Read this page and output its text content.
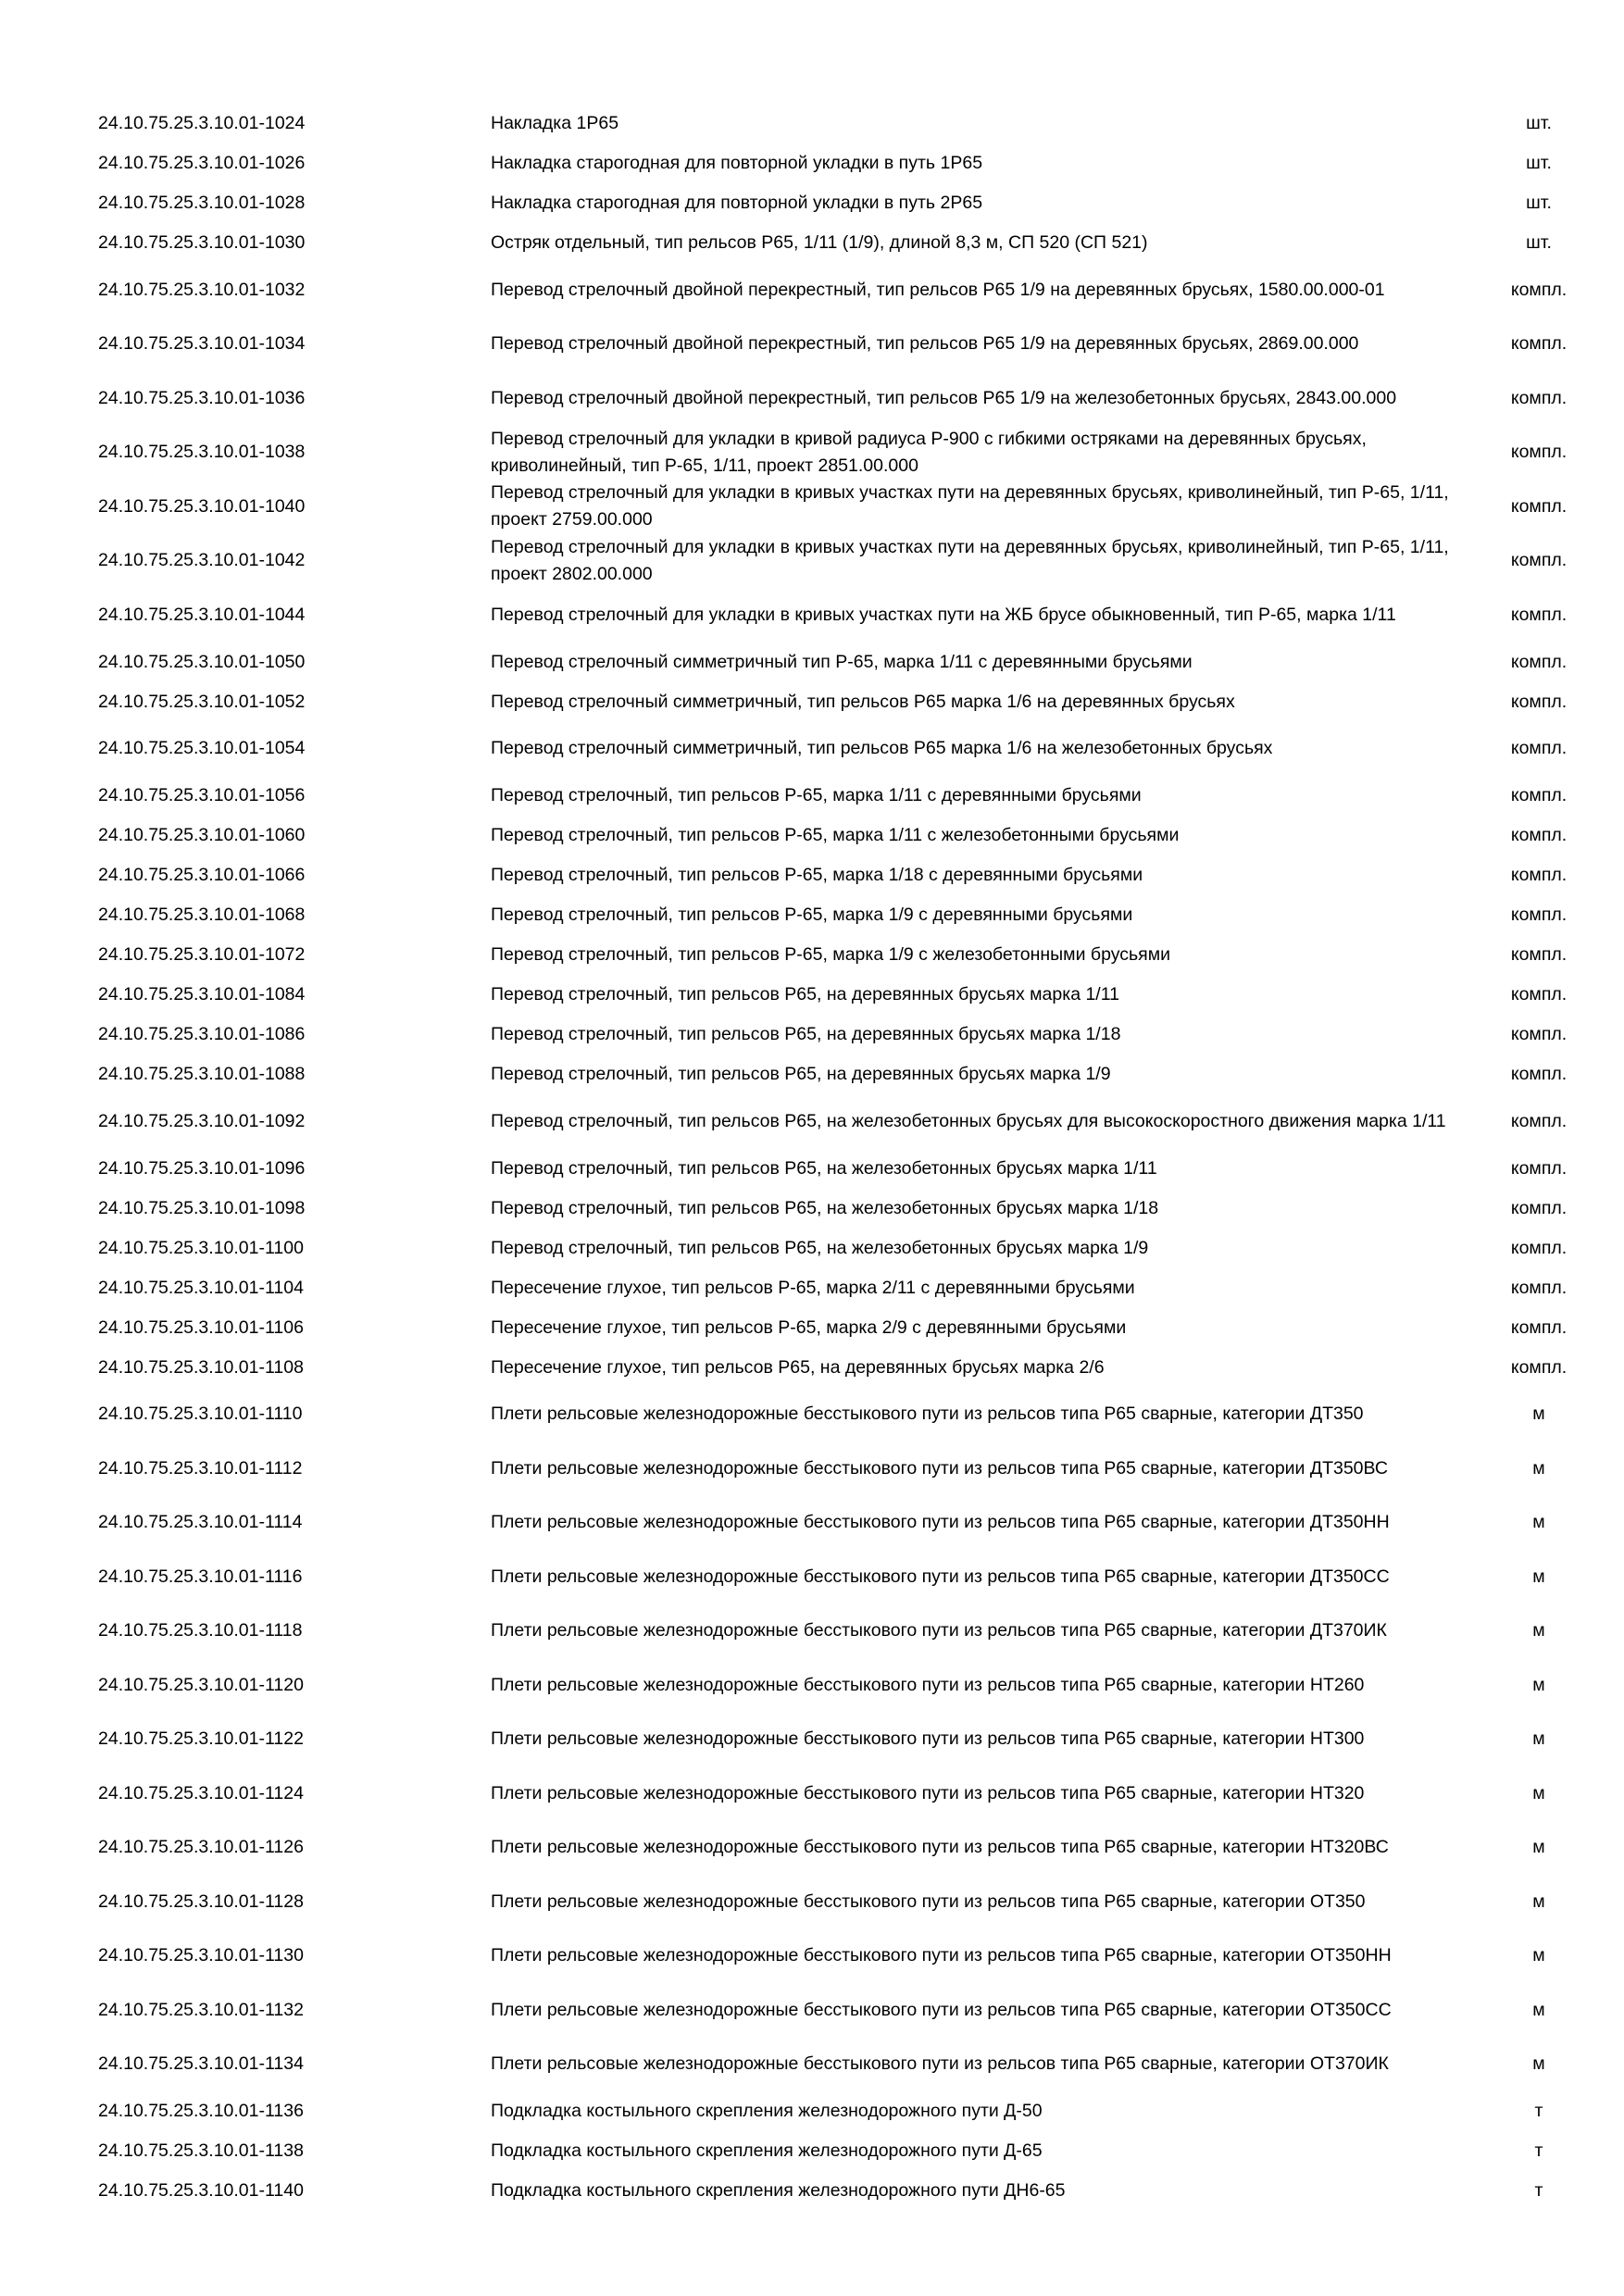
	24.10.75.25.3.10.01-1024	Накладка 1Р65	шт.
	24.10.75.25.3.10.01-1026	Накладка старогодная для повторной укладки в путь 1Р65	шт.
	24.10.75.25.3.10.01-1028	Накладка старогодная для повторной укладки в путь 2Р65	шт.
	24.10.75.25.3.10.01-1030	Остряк отдельный, тип рельсов Р65, 1/11 (1/9), длиной 8,3 м, СП 520 (СП 521)	шт.
	24.10.75.25.3.10.01-1032	Перевод стрелочный двойной перекрестный, тип рельсов Р65 1/9 на деревянных брусьях, 1580.00.000-01	компл.
	24.10.75.25.3.10.01-1034	Перевод стрелочный двойной перекрестный, тип рельсов Р65 1/9 на деревянных брусьях, 2869.00.000	компл.
	24.10.75.25.3.10.01-1036	Перевод стрелочный двойной перекрестный, тип рельсов Р65 1/9 на железобетонных брусьях, 2843.00.000	компл.
	24.10.75.25.3.10.01-1038	Перевод стрелочный для укладки в кривой радиуса Р-900 с гибкими остряками на деревянных брусьях, криволинейный, тип Р-65, 1/11, проект 2851.00.000	компл.
	24.10.75.25.3.10.01-1040	Перевод стрелочный для укладки в кривых участках пути на деревянных брусьях, криволинейный, тип Р-65, 1/11, проект 2759.00.000	компл.
	24.10.75.25.3.10.01-1042	Перевод стрелочный для укладки в кривых участках пути на деревянных брусьях, криволинейный, тип Р-65, 1/11, проект 2802.00.000	компл.
	24.10.75.25.3.10.01-1044	Перевод стрелочный для укладки в кривых участках пути на ЖБ брусе обыкновенный, тип Р-65, марка 1/11	компл.
	24.10.75.25.3.10.01-1050	Перевод стрелочный симметричный тип Р-65, марка 1/11 с деревянными брусьями	компл.
	24.10.75.25.3.10.01-1052	Перевод стрелочный симметричный, тип рельсов Р65 марка 1/6 на деревянных брусьях	компл.
	24.10.75.25.3.10.01-1054	Перевод стрелочный симметричный, тип рельсов Р65 марка 1/6 на железобетонных брусьях	компл.
	24.10.75.25.3.10.01-1056	Перевод стрелочный, тип рельсов Р-65, марка 1/11 с деревянными брусьями	компл.
	24.10.75.25.3.10.01-1060	Перевод стрелочный, тип рельсов Р-65, марка 1/11 с железобетонными брусьями	компл.
	24.10.75.25.3.10.01-1066	Перевод стрелочный, тип рельсов Р-65, марка 1/18 с деревянными брусьями	компл.
	24.10.75.25.3.10.01-1068	Перевод стрелочный, тип рельсов Р-65, марка 1/9 с деревянными брусьями	компл.
	24.10.75.25.3.10.01-1072	Перевод стрелочный, тип рельсов Р-65, марка 1/9 с железобетонными брусьями	компл.
	24.10.75.25.3.10.01-1084	Перевод стрелочный, тип рельсов Р65, на деревянных брусьях марка 1/11	компл.
	24.10.75.25.3.10.01-1086	Перевод стрелочный, тип рельсов Р65, на деревянных брусьях марка 1/18	компл.
	24.10.75.25.3.10.01-1088	Перевод стрелочный, тип рельсов Р65, на деревянных брусьях марка 1/9	компл.
	24.10.75.25.3.10.01-1092	Перевод стрелочный, тип рельсов Р65, на железобетонных брусьях для высокоскоростного движения марка 1/11	компл.
	24.10.75.25.3.10.01-1096	Перевод стрелочный, тип рельсов Р65, на железобетонных брусьях марка 1/11	компл.
	24.10.75.25.3.10.01-1098	Перевод стрелочный, тип рельсов Р65, на железобетонных брусьях марка 1/18	компл.
	24.10.75.25.3.10.01-1100	Перевод стрелочный, тип рельсов Р65, на железобетонных брусьях марка 1/9	компл.
	24.10.75.25.3.10.01-1104	Пересечение глухое, тип рельсов Р-65, марка 2/11 с деревянными брусьями	компл.
	24.10.75.25.3.10.01-1106	Пересечение глухое, тип рельсов Р-65, марка 2/9 с деревянными брусьями	компл.
	24.10.75.25.3.10.01-1108	Пересечение глухое, тип рельсов Р65, на деревянных брусьях марка 2/6	компл.
	24.10.75.25.3.10.01-1110	Плети рельсовые железнодорожные бесстыкового пути из рельсов типа Р65 сварные, категории ДТ350	м
	24.10.75.25.3.10.01-1112	Плети рельсовые железнодорожные бесстыкового пути из рельсов типа Р65 сварные, категории ДТ350ВС	м
	24.10.75.25.3.10.01-1114	Плети рельсовые железнодорожные бесстыкового пути из рельсов типа Р65 сварные, категории ДТ350НН	м
	24.10.75.25.3.10.01-1116	Плети рельсовые железнодорожные бесстыкового пути из рельсов типа Р65 сварные, категории ДТ350СС	м
	24.10.75.25.3.10.01-1118	Плети рельсовые железнодорожные бесстыкового пути из рельсов типа Р65 сварные, категории ДТ370ИК	м
	24.10.75.25.3.10.01-1120	Плети рельсовые железнодорожные бесстыкового пути из рельсов типа Р65 сварные, категории НТ260	м
	24.10.75.25.3.10.01-1122	Плети рельсовые железнодорожные бесстыкового пути из рельсов типа Р65 сварные, категории НТ300	м
	24.10.75.25.3.10.01-1124	Плети рельсовые железнодорожные бесстыкового пути из рельсов типа Р65 сварные, категории НТ320	м
	24.10.75.25.3.10.01-1126	Плети рельсовые железнодорожные бесстыкового пути из рельсов типа Р65 сварные, категории НТ320ВС	м
	24.10.75.25.3.10.01-1128	Плети рельсовые железнодорожные бесстыкового пути из рельсов типа Р65 сварные, категории ОТ350	м
	24.10.75.25.3.10.01-1130	Плети рельсовые железнодорожные бесстыкового пути из рельсов типа Р65 сварные, категории ОТ350НН	м
	24.10.75.25.3.10.01-1132	Плети рельсовые железнодорожные бесстыкового пути из рельсов типа Р65 сварные, категории ОТ350СС	м
	24.10.75.25.3.10.01-1134	Плети рельсовые железнодорожные бесстыкового пути из рельсов типа Р65 сварные, категории ОТ370ИК	м
	24.10.75.25.3.10.01-1136	Подкладка костыльного скрепления железнодорожного пути Д-50	т
	24.10.75.25.3.10.01-1138	Подкладка костыльного скрепления железнодорожного пути Д-65	т
	24.10.75.25.3.10.01-1140	Подкладка костыльного скрепления железнодорожного пути ДН6-65	т
